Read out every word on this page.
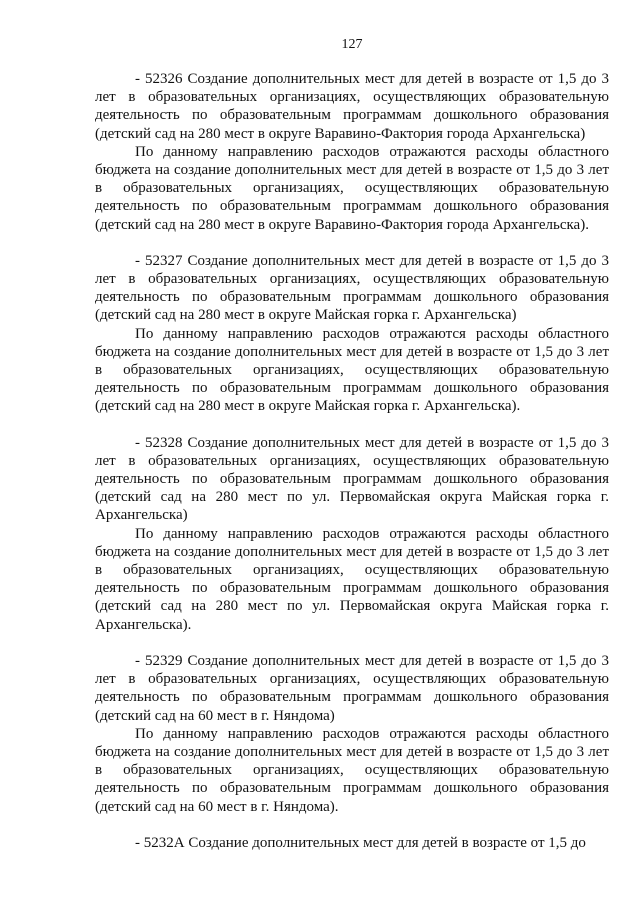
127

- 52326 Создание дополнительных мест для детей в возрасте от 1,5 до 3 лет в образовательных организациях, осуществляющих образовательную деятельность по образовательным программам дошкольного образования (детский сад на 280 мест в округе Варавино-Фактория города Архангельска)

По данному направлению расходов отражаются расходы областного бюджета на создание дополнительных мест для детей в возрасте от 1,5 до 3 лет в образовательных организациях, осуществляющих образовательную деятельность по образовательным программам дошкольного образования (детский сад на 280 мест в округе Варавино-Фактория города Архангельска).

- 52327 Создание дополнительных мест для детей в возрасте от 1,5 до 3 лет в образовательных организациях, осуществляющих образовательную деятельность по образовательным программам дошкольного образования (детский сад на 280 мест в округе Майская горка г. Архангельска)

По данному направлению расходов отражаются расходы областного бюджета на создание дополнительных мест для детей в возрасте от 1,5 до 3 лет в образовательных организациях, осуществляющих образовательную деятельность по образовательным программам дошкольного образования (детский сад на 280 мест в округе Майская горка г. Архангельска).

- 52328 Создание дополнительных мест для детей в возрасте от 1,5 до 3 лет в образовательных организациях, осуществляющих образовательную деятельность по образовательным программам дошкольного образования (детский сад на 280 мест по ул. Первомайская округа Майская горка г. Архангельска)

По данному направлению расходов отражаются расходы областного бюджета на создание дополнительных мест для детей в возрасте от 1,5 до 3 лет в образовательных организациях, осуществляющих образовательную деятельность по образовательным программам дошкольного образования (детский сад на 280 мест по ул. Первомайская округа Майская горка г. Архангельска).

- 52329 Создание дополнительных мест для детей в возрасте от 1,5 до 3 лет в образовательных организациях, осуществляющих образовательную деятельность по образовательным программам дошкольного образования (детский сад на 60 мест в г. Няндома)

По данному направлению расходов отражаются расходы областного бюджета на создание дополнительных мест для детей в возрасте от 1,5 до 3 лет в образовательных организациях, осуществляющих образовательную деятельность по образовательным программам дошкольного образования (детский сад на 60 мест в г. Няндома).

- 5232А Создание дополнительных мест для детей в возрасте от 1,5 до
